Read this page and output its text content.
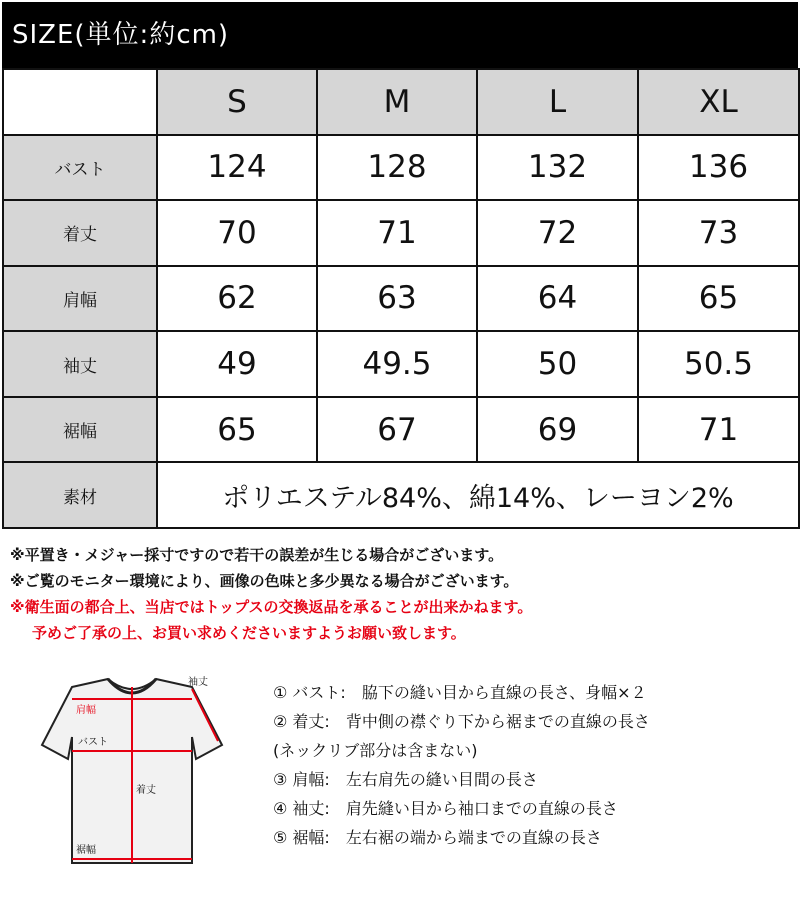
SIZE(単位:約cm)
	S	M	L	XL
バスト	124	128	132	136
着丈	70	71	72	73
肩幅	62	63	64	65
袖丈	49	49.5	50	50.5
裾幅	65	67	69	71
素材	ポリエステル84%、綿14%、レーヨン2%			
※平置き・メジャー採寸ですので若干の誤差が生じる場合がございます。
※ご覧のモニター環境により、画像の色味と多少異なる場合がございます。
※衛生面の都合上、当店ではトップスの交換返品を承ることが出来かねます。
予めご了承の上、お買い求めくださいますようお願い致します。
肩幅
袖丈
バスト
着丈
裾幅
① バスト:　脇下の縫い目から直線の長さ、身幅×２
② 着丈:　背中側の襟ぐり下から裾までの直線の長さ
(ネックリブ部分は含まない)
③ 肩幅:　左右肩先の縫い目間の長さ
④ 袖丈:　肩先縫い目から袖口までの直線の長さ
⑤ 裾幅:　左右裾の端から端までの直線の長さ
